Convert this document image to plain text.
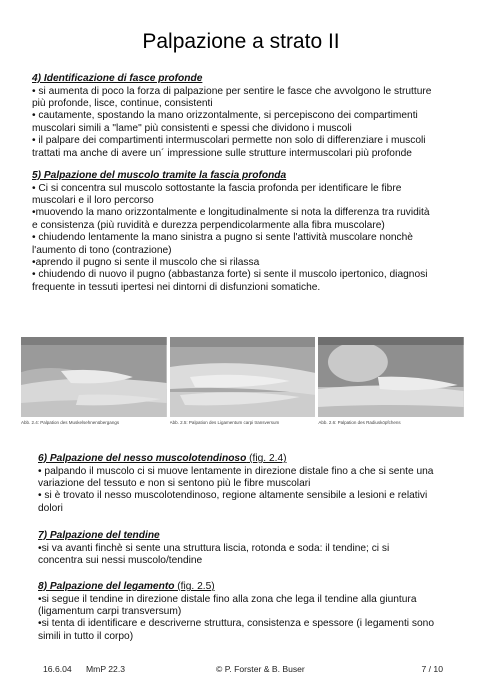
Palpazione a strato II
4) Identificazione di fasce profonde

• si aumenta di poco la forza di palpazione per sentire le fasce che avvolgono le strutture

più profonde, lisce, continue, consistenti

• cautamente, spostando la mano orizzontalmente, si percepiscono dei compartimenti

muscolari simili a "lame" più consistenti e spessi che dividono i muscoli

• il palpare dei compartimenti intermuscolari permette non solo di differenziare i muscoli

trattati ma anche di avere un´ impressione sulle strutture intermuscolari più profonde

5) Palpazione del muscolo tramite la fascia profonda

• Ci si concentra sul muscolo sottostante la fascia profonda per identificare le fibre

muscolari e il loro percorso

•muovendo la mano orizzontalmente e longitudinalmente si nota la differenza tra ruvidità

e consistenza (più ruvidità e durezza perpendicolarmente alla fibra muscolare)

• chiudendo lentamente la mano sinistra a pugno si sente l'attività muscolare nonchè

l'aumento di tono (contrazione)

•aprendo il pugno si sente il muscolo che si rilassa

• chiudendo di nuovo il pugno (abbastanza forte) si sente il muscolo ipertonico, diagnosi

frequente in tessuti ipertesi nei dintorni di disfunzioni somatiche.

Abb. 2.4: Palpation des Muskelsehnenübergangs	Abb. 2.5: Palpation des Ligamentum carpi transversum	Abb. 2.6: Palpation des Radiusköpfchens
6) Palpazione del nesso muscolotendinoso (fig. 2.4)

• palpando il muscolo ci si muove lentamente in direzione distale fino a che si sente una

variazione del tessuto e non si sentono più le fibre muscolari

• si è trovato il nesso muscolotendinoso, regione altamente sensibile a lesioni e relativi

dolori

7) Palpazione del tendine

•si va avanti finchè si sente una struttura liscia, rotonda e soda: il tendine; ci si

concentra sui nessi muscolo/tendine

8) Palpazione del legamento (fig. 2.5)

•si segue il tendine in direzione distale fino alla zona che lega il tendine alla giuntura

(ligamentum carpi transversum)

•si tenta di identificare e descriverne struttura, consistenza e spessore (i legamenti sono

simili in tutto il corpo)

16.6.04 MmP 22.3	© P. Forster & B. Buser	7 / 10
